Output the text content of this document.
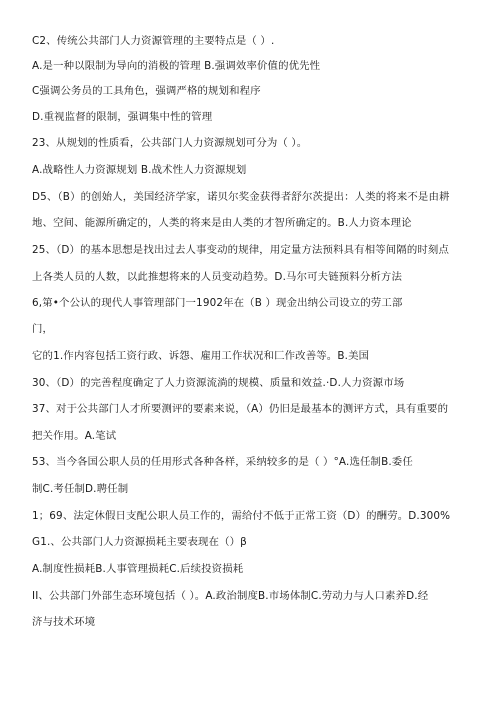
C2、传统公共部门人力资源管理的主要特点是（ ）.
A.是一种以限制为导向的消极的管理 B.强调效率价值的优先性
C强调公务员的工具角色，强调严格的规划和程序
D.重视监督的限制，强调集中性的管理
23、从规划的性质看，公共部门人力资源规划可分为（ ）。
A.战略性人力资源规划 B.战术性人力资源规划
D5、（B）的创始人，美国经济学家，诺贝尔奖金获得者舒尔茨提出：人类的将来不是由耕
地、空间、能源所确定的，人类的将来是由人类的才智所确定的。B.人力资本理论
25、（D）的基本思想是找出过去人事变动的规律，用定量方法预料具有相等间隔的时刻点
上各类人员的人数，以此推想将来的人员变动趋势。D.马尔可夫链预料分析方法
6,第•个公认的现代人事管理部门一1902年在（B ）现金出纳公司设立的劳工部
门，
它的1.作内容包括工资行政、诉怨、雇用工作状况和匚作改善等。B.美国
30、（D）的完善程度确定了人力资源流淌的规模、质量和效益.·D.人力资源市场
37、对于公共部门人才所要测评的要素来说，（A）仍旧是最基本的测评方式，具有重要的
把关作用。A.笔试
53、当今各国公职人员的任用形式各种各样，采纳较多的是（ ）°A.选任制B.委任
制C.考任制D.聘任制
1；69、法定休假日支配公职人员工作的，需给付不低于正常工资（D）的酬劳。D.300%
G1.、公共部门人力资源损耗主要表现在（）β
A.制度性损耗B.人事管理损耗C.后续投资损耗
II、公共部门外部生态环境包括（ ）。A.政治制度B.市场体制C.劳动力与人口素养D.经
济与技术环境
